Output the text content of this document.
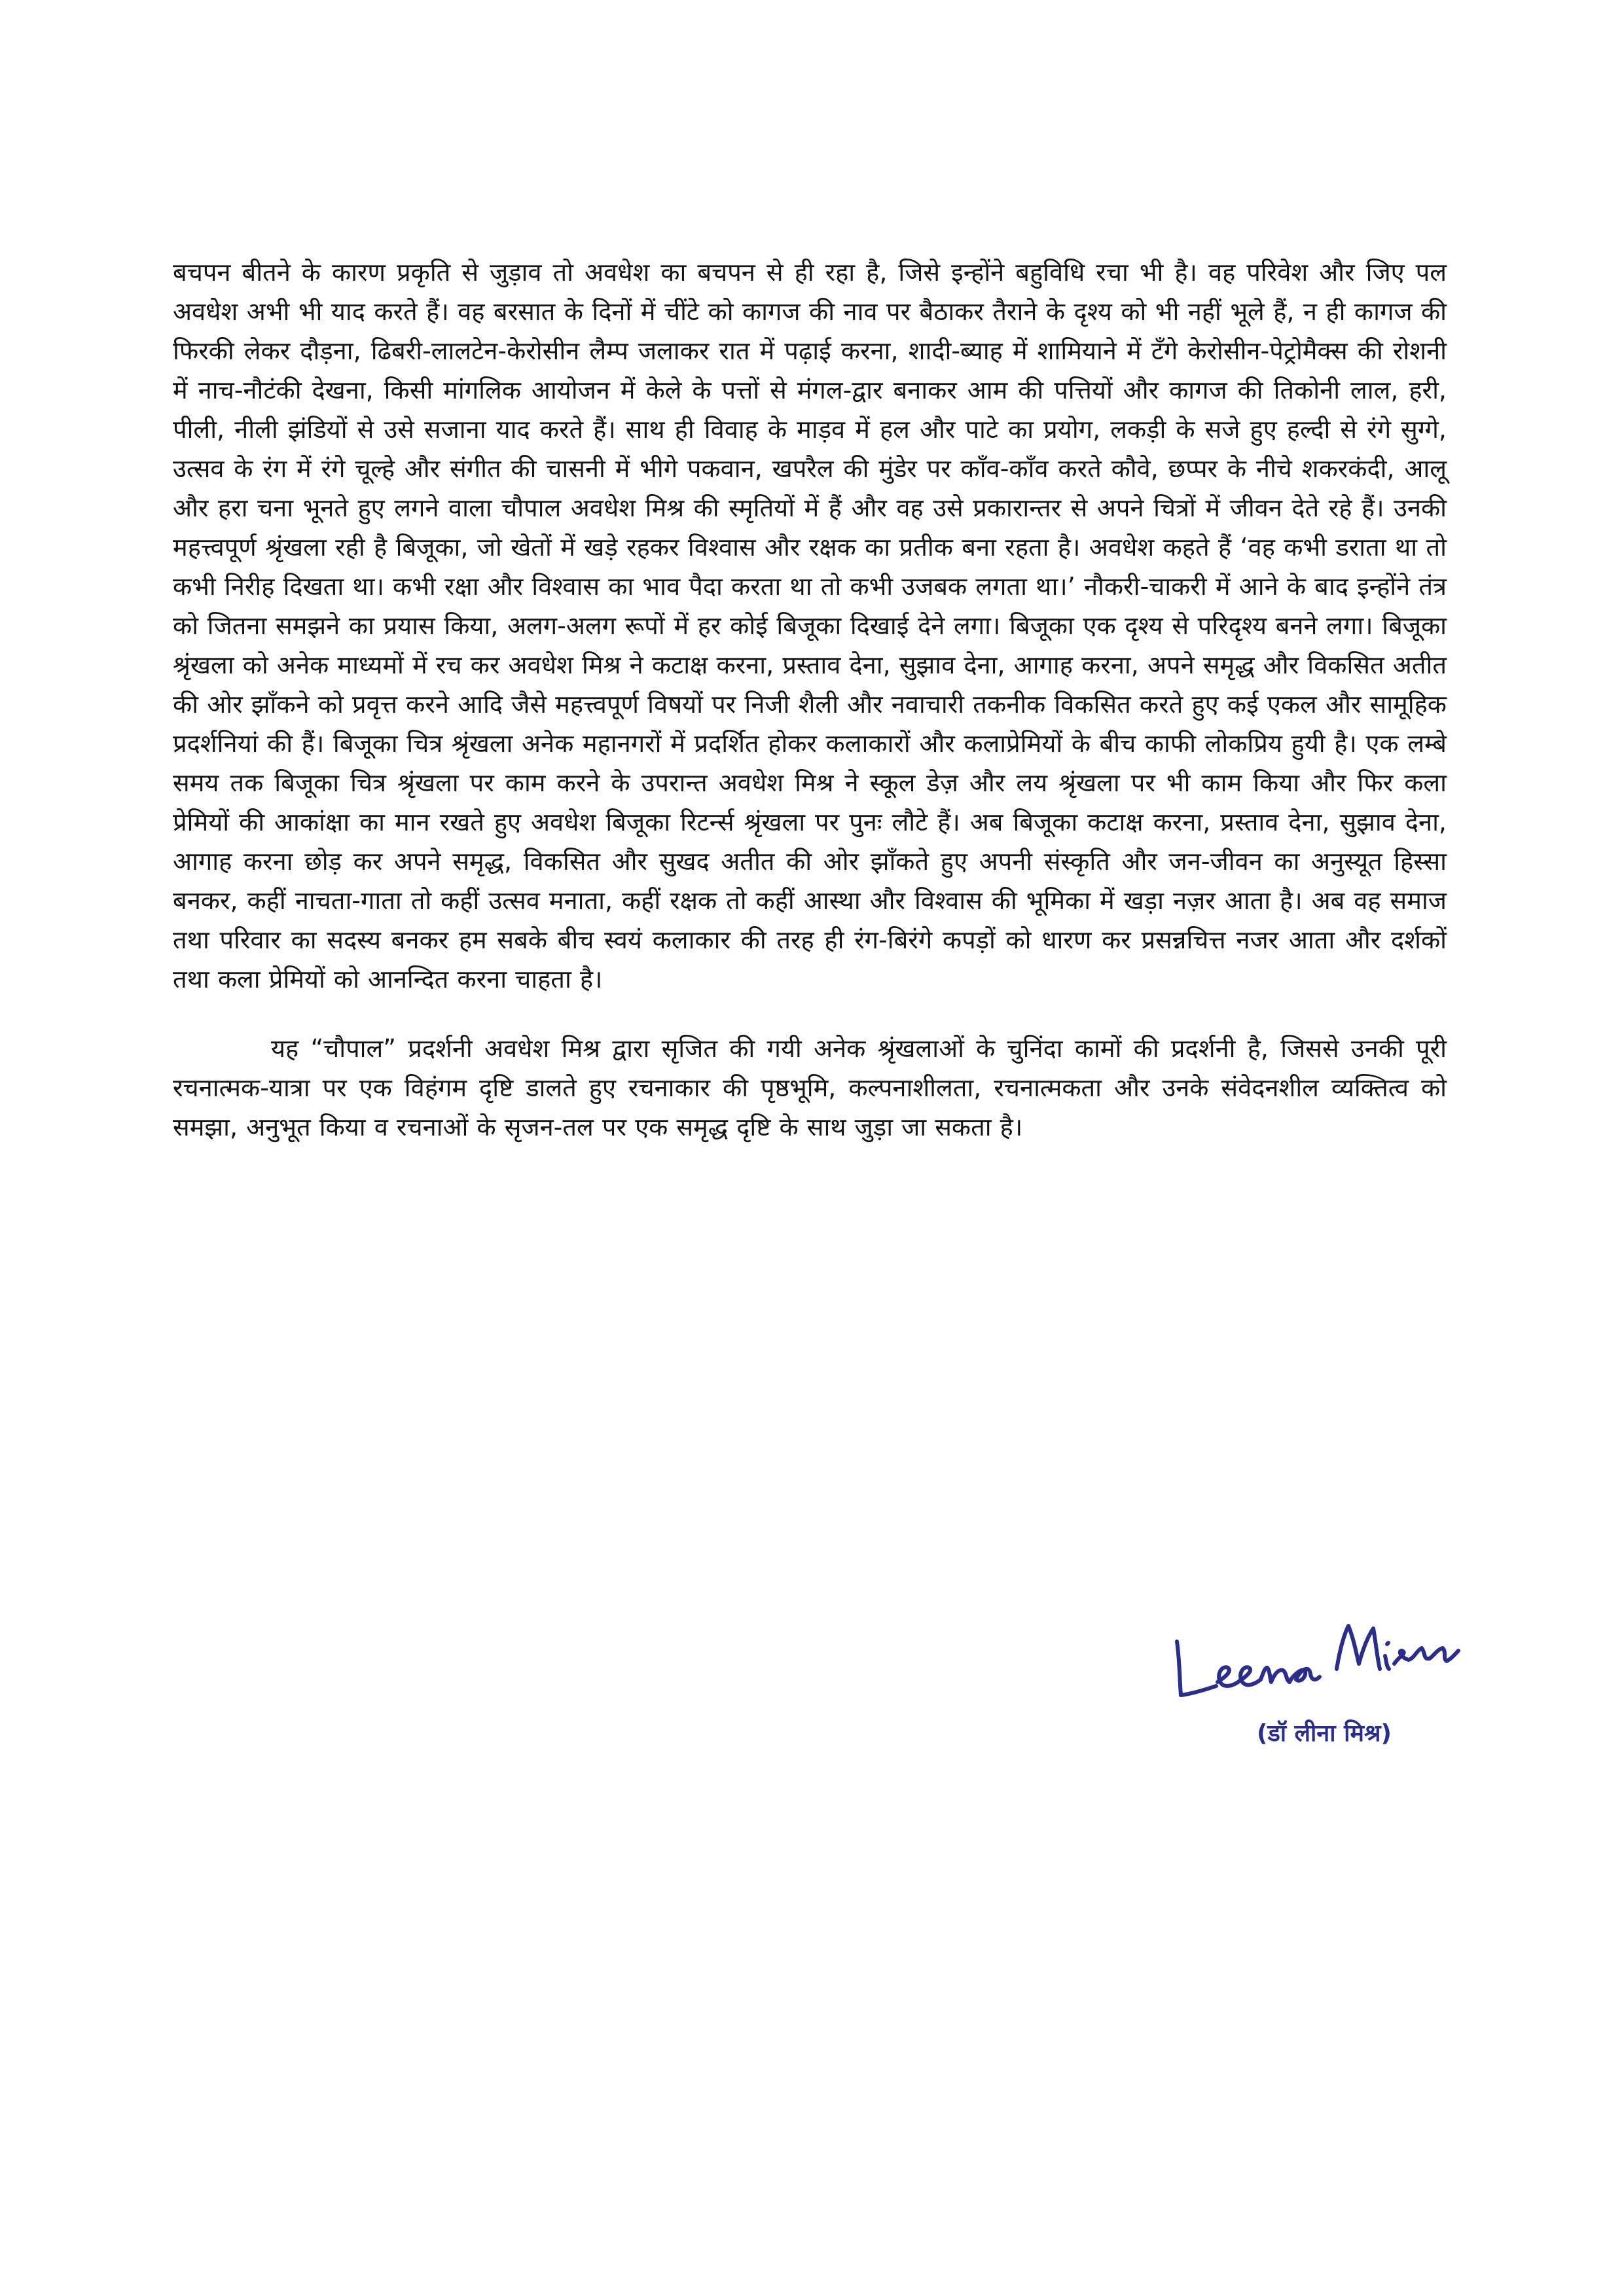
बचपन बीतने के कारण प्रकृति से जुड़ाव तो अवधेश का बचपन से ही रहा है, जिसे इन्होंने बहुविधि रचा भी है। वह परिवेश और जिए पल अवधेश अभी भी याद करते हैं। वह बरसात के दिनों में चींटे को कागज की नाव पर बैठाकर तैराने के दृश्य को भी नहीं भूले हैं, न ही कागज की फिरकी लेकर दौड़ना, ढिबरी-लालटेन-केरोसीन लैम्प जलाकर रात में पढ़ाई करना, शादी-ब्याह में शामियाने में टँगे केरोसीन-पेट्रोमैक्स की रोशनी में नाच-नौटंकी देखना, किसी मांगलिक आयोजन में केले के पत्तों से मंगल-द्वार बनाकर आम की पत्तियों और कागज की तिकोनी लाल, हरी, पीली, नीली झंडियों से उसे सजाना याद करते हैं। साथ ही विवाह के माड़व में हल और पाटे का प्रयोग, लकड़ी के सजे हुए हल्दी से रंगे सुग्गे, उत्सव के रंग में रंगे चूल्हे और संगीत की चासनी में भीगे पकवान, खपरैल की मुंडेर पर काँव-काँव करते कौवे, छप्पर के नीचे शकरकंदी, आलू और हरा चना भूनते हुए लगने वाला चौपाल अवधेश मिश्र की स्मृतियों में हैं और वह उसे प्रकारान्तर से अपने चित्रों में जीवन देते रहे हैं। उनकी महत्त्वपूर्ण श्रृंखला रही है बिजूका, जो खेतों में खड़े रहकर विश्वास और रक्षक का प्रतीक बना रहता है। अवधेश कहते हैं ‘वह कभी डराता था तो कभी निरीह दिखता था। कभी रक्षा और विश्वास का भाव पैदा करता था तो कभी उजबक लगता था।’ नौकरी-चाकरी में आने के बाद इन्होंने तंत्र को जितना समझने का प्रयास किया, अलग-अलग रूपों में हर कोई बिजूका दिखाई देने लगा। बिजूका एक दृश्य से परिदृश्य बनने लगा। बिजूका श्रृंखला को अनेक माध्यमों में रच कर अवधेश मिश्र ने कटाक्ष करना, प्रस्ताव देना, सुझाव देना, आगाह करना, अपने समृद्ध और विकसित अतीत की ओर झाँकने को प्रवृत्त करने आदि जैसे महत्त्वपूर्ण विषयों पर निजी शैली और नवाचारी तकनीक विकसित करते हुए कई एकल और सामूहिक प्रदर्शनियां की हैं। बिजूका चित्र श्रृंखला अनेक महानगरों में प्रदर्शित होकर कलाकारों और कलाप्रेमियों के बीच काफी लोकप्रिय हुयी है। एक लम्बे समय तक बिजूका चित्र श्रृंखला पर काम करने के उपरान्त अवधेश मिश्र ने स्कूल डेज़ और लय श्रृंखला पर भी काम किया और फिर कला प्रेमियों की आकांक्षा का मान रखते हुए अवधेश बिजूका रिटर्न्स श्रृंखला पर पुनः लौटे हैं। अब बिजूका कटाक्ष करना, प्रस्ताव देना, सुझाव देना, आगाह करना छोड़ कर अपने समृद्ध, विकसित और सुखद अतीत की ओर झाँकते हुए अपनी संस्कृति और जन-जीवन का अनुस्यूत हिस्सा बनकर, कहीं नाचता-गाता तो कहीं उत्सव मनाता, कहीं रक्षक तो कहीं आस्था और विश्वास की भूमिका में खड़ा नज़र आता है। अब वह समाज तथा परिवार का सदस्य बनकर हम सबके बीच स्वयं कलाकार की तरह ही रंग-बिरंगे कपड़ों को धारण कर प्रसन्नचित्त नजर आता और दर्शकों तथा कला प्रेमियों को आनन्दित करना चाहता है।

यह “चौपाल” प्रदर्शनी अवधेश मिश्र द्वारा सृजित की गयी अनेक श्रृंखलाओं के चुनिंदा कामों की प्रदर्शनी है, जिससे उनकी पूरी रचनात्मक-यात्रा पर एक विहंगम दृष्टि डालते हुए रचनाकार की पृष्ठभूमि, कल्पनाशीलता, रचनात्मकता और उनके संवेदनशील व्यक्तित्व को समझा, अनुभूत किया व रचनाओं के सृजन-तल पर एक समृद्ध दृष्टि के साथ जुड़ा जा सकता है।

Leena Mishra
(डॉ लीना मिश्र)
